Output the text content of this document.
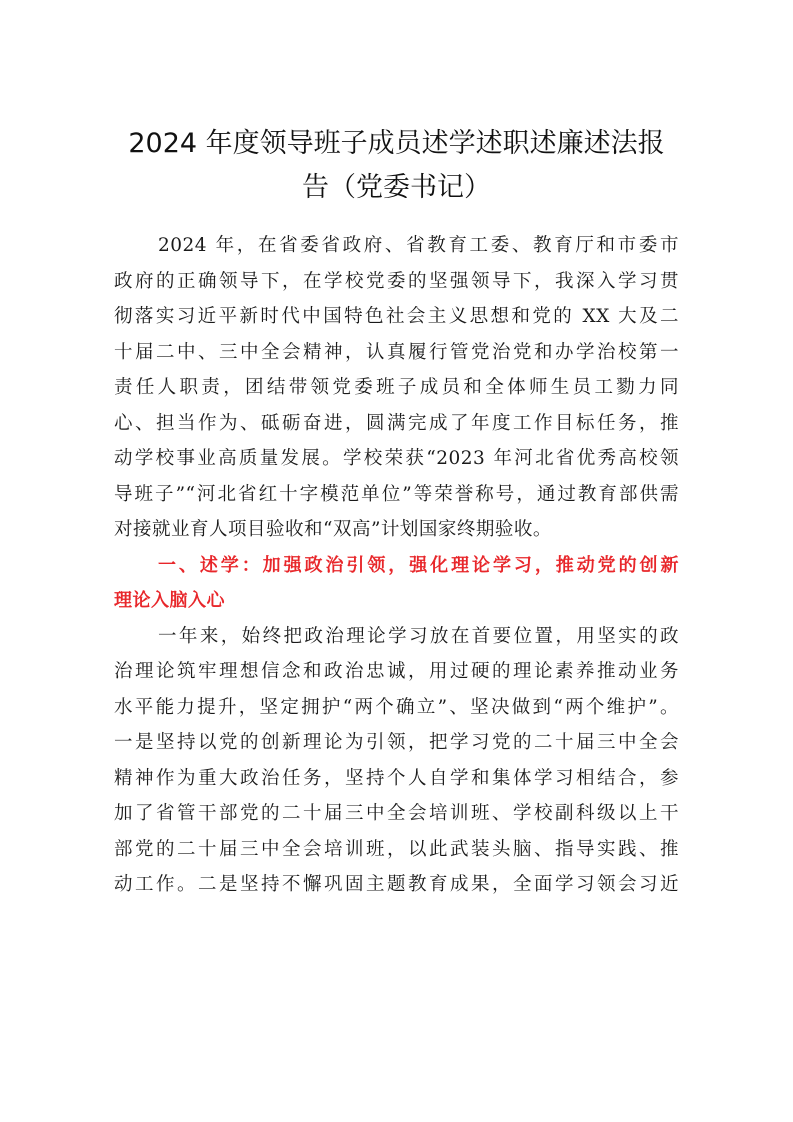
2024 年度领导班子成员述学述职述廉述法报
告（党委书记）
2024 年，在省委省政府、省教育工委、教育厅和市委市
政府的正确领导下，在学校党委的坚强领导下，我深入学习贯
彻落实习近平新时代中国特色社会主义思想和党的 XX 大及二
十届二中、三中全会精神，认真履行管党治党和办学治校第一
责任人职责，团结带领党委班子成员和全体师生员工勠力同
心、担当作为、砥砺奋进，圆满完成了年度工作目标任务，推
动学校事业高质量发展。学校荣获“2023 年河北省优秀高校领
导班子”“河北省红十字模范单位”等荣誉称号，通过教育部供需
对接就业育人项目验收和“双高”计划国家终期验收。
一、述学：加强政治引领，强化理论学习，推动党的创新
理论入脑入心
一年来，始终把政治理论学习放在首要位置，用坚实的政
治理论筑牢理想信念和政治忠诚，用过硬的理论素养推动业务
水平能力提升，坚定拥护“两个确立”、坚决做到“两个维护”。
一是坚持以党的创新理论为引领，把学习党的二十届三中全会
精神作为重大政治任务，坚持个人自学和集体学习相结合，参
加了省管干部党的二十届三中全会培训班、学校副科级以上干
部党的二十届三中全会培训班，以此武装头脑、指导实践、推
动工作。二是坚持不懈巩固主题教育成果，全面学习领会习近
